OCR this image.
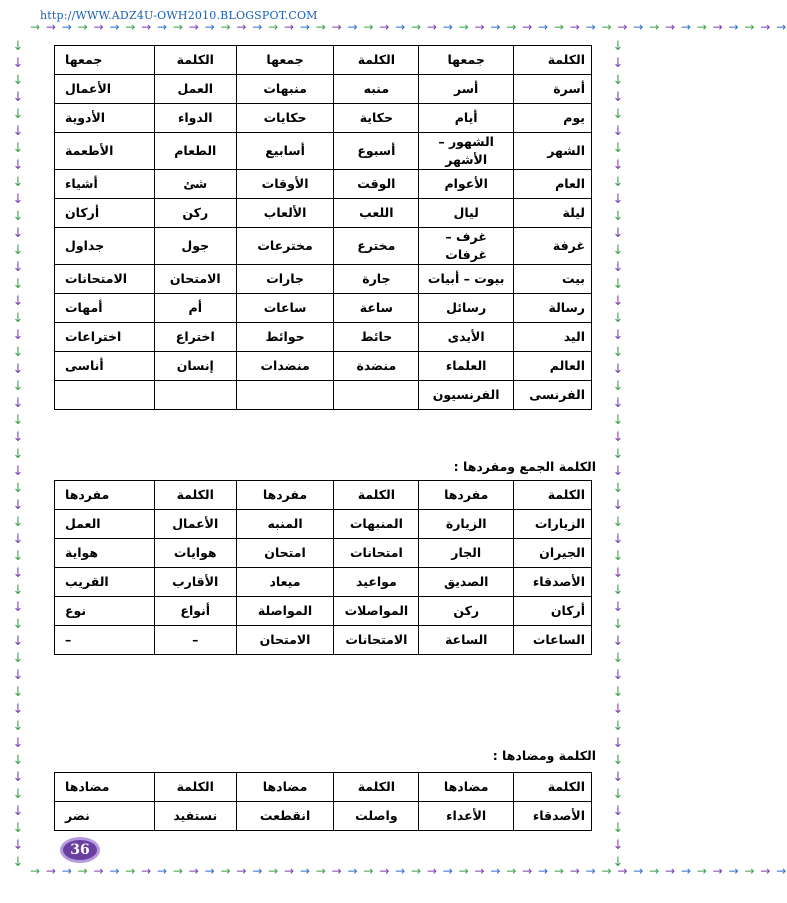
http://WWW.ADZ4U-OWH2010.BLOGSPOT.COM
→ → → → → → → → → → → → → → → → → → → → → → → → → → → → → → → → → → → → → → → → → → → → → → → →
→ → → → → → → → → → → → → → → → → → → → → → → → → → → → → → → → → → → → → → → → → → → → → → → →
↓
↓
↓
↓
↓
↓
↓
↓
↓
↓
↓
↓
↓
↓
↓
↓
↓
↓
↓
↓
↓
↓
↓
↓
↓
↓
↓
↓
↓
↓
↓
↓
↓
↓
↓
↓
↓
↓
↓
↓
↓
↓
↓
↓
↓
↓
↓
↓
↓
↓
↓
↓
↓
↓
↓
↓
↓
↓
↓
↓
↓
↓
↓
↓
↓
↓
↓
↓
↓
↓
↓
↓
↓
↓
↓
↓
↓
↓
↓
↓
↓
↓
↓
↓
↓
↓
↓
↓
↓
↓
↓
↓
↓
↓
↓
↓
↓
↓
الكلمة	جمعها	الكلمة	جمعها	الكلمة	جمعها
أسرة	أسر	منبه	منبهات	العمل	الأعمال
يوم	أيام	حكاية	حكايات	الدواء	الأدوية
الشهر	الشهور – الأشهر	أسبوع	أسابيع	الطعام	الأطعمة
العام	الأعوام	الوقت	الأوقات	شئ	أشياء
ليلة	ليال	اللعب	الألعاب	ركن	أركان
غرفة	غرف – غرفات	مخترع	مخترعات	جول	جداول
بيت	بيوت – أبيات	جارة	جارات	الامتحان	الامتحانات
رسالة	رسائل	ساعة	ساعات	أم	أمهات
اليد	الأيدى	حائط	حوائط	اختراع	اختراعات
العالم	العلماء	منضدة	منضدات	إنسان	أناسى
الفرنسى	الفرنسيون				
الكلمة الجمع ومفردها :
الكلمة	مفردها	الكلمة	مفردها	الكلمة	مفردها
الزيارات	الزيارة	المنبهات	المنبه	الأعمال	العمل
الجيران	الجار	امتحانات	امتحان	هوايات	هواية
الأصدقاء	الصديق	مواعيد	ميعاد	الأقارب	القريب
أركان	ركن	المواصلات	المواصلة	أنواع	نوع
الساعات	الساعة	الامتحانات	الامتحان	–	–
الكلمة ومضادها :
الكلمة	مضادها	الكلمة	مضادها	الكلمة	مضادها
الأصدقاء	الأعداء	واصلت	انقطعت	نستفيد	نضر
36
